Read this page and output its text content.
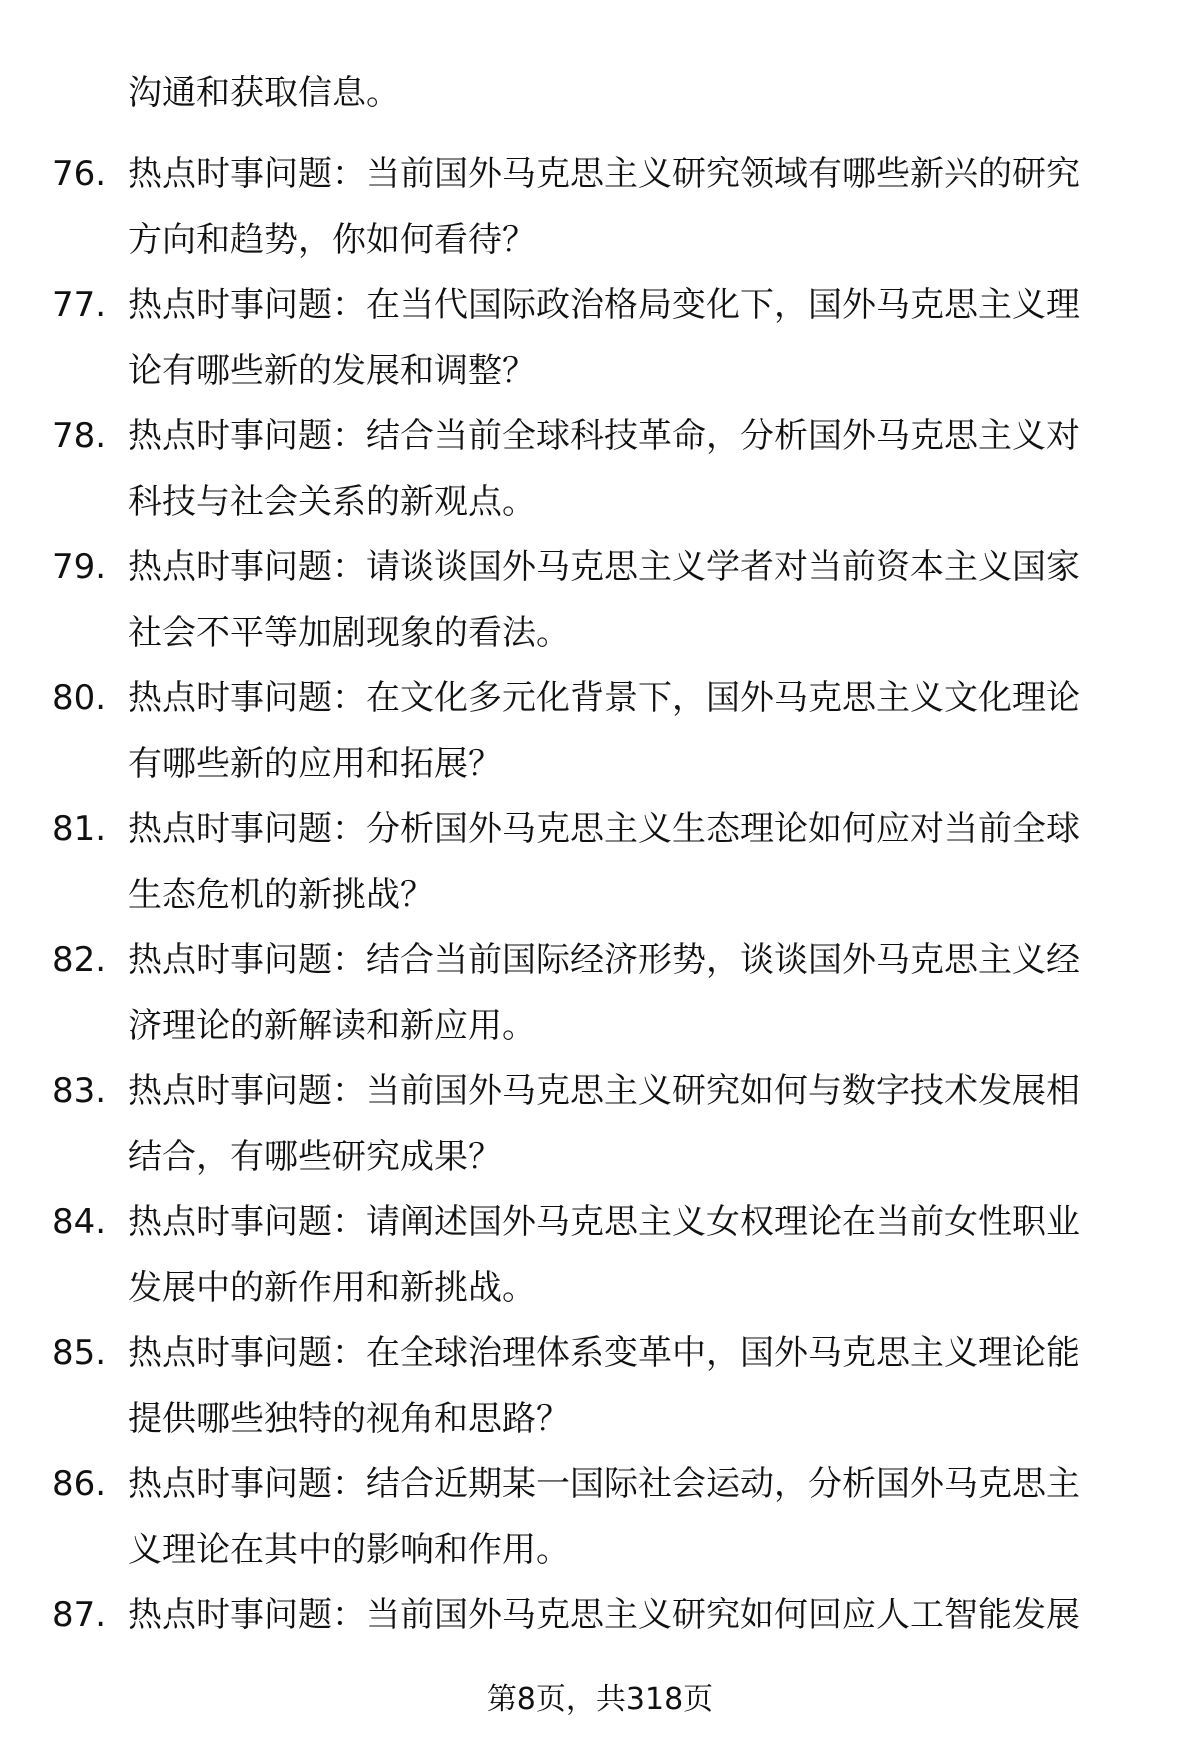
沟通和获取信息。
76. 热点时事问题：当前国外马克思主义研究领域有哪些新兴的研究
方向和趋势，你如何看待？
77. 热点时事问题：在当代国际政治格局变化下，国外马克思主义理
论有哪些新的发展和调整？
78. 热点时事问题：结合当前全球科技革命，分析国外马克思主义对
科技与社会关系的新观点。
79. 热点时事问题：请谈谈国外马克思主义学者对当前资本主义国家
社会不平等加剧现象的看法。
80. 热点时事问题：在文化多元化背景下，国外马克思主义文化理论
有哪些新的应用和拓展？
81. 热点时事问题：分析国外马克思主义生态理论如何应对当前全球
生态危机的新挑战？
82. 热点时事问题：结合当前国际经济形势，谈谈国外马克思主义经
济理论的新解读和新应用。
83. 热点时事问题：当前国外马克思主义研究如何与数字技术发展相
结合，有哪些研究成果？
84. 热点时事问题：请阐述国外马克思主义女权理论在当前女性职业
发展中的新作用和新挑战。
85. 热点时事问题：在全球治理体系变革中，国外马克思主义理论能
提供哪些独特的视角和思路？
86. 热点时事问题：结合近期某一国际社会运动，分析国外马克思主
义理论在其中的影响和作用。
87. 热点时事问题：当前国外马克思主义研究如何回应人工智能发展
第8页，共318页
